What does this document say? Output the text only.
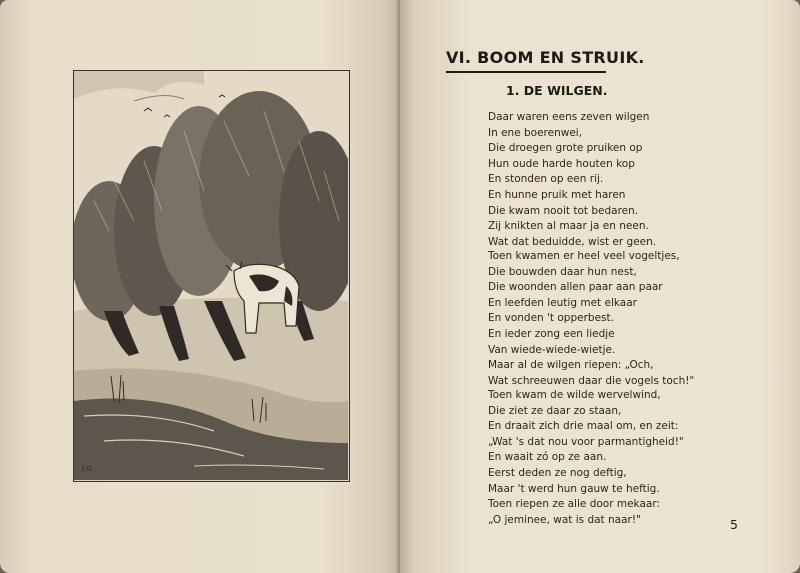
J.G.
VI. BOOM EN STRUIK.
1. DE WILGEN.
Daar waren eens zeven wilgen
In ene boerenwei,
Die droegen grote pruiken op
Hun oude harde houten kop
En stonden op een rij.
En hunne pruik met haren
Die kwam nooit tot bedaren.
Zij knikten al maar ja en neen.
Wat dat beduidde, wist er geen.
Toen kwamen er heel veel vogeltjes,
Die bouwden daar hun nest,
Die woonden allen paar aan paar
En leefden leutig met elkaar
En vonden 't opperbest.
En ieder zong een liedje
Van wiede-wiede-wietje.
Maar al de wilgen riepen: „Och,
Wat schreeuwen daar die vogels toch!"
Toen kwam de wilde wervelwind,
Die ziet ze daar zo staan,
En draait zich drie maal om, en zeit:
„Wat 's dat nou voor parmantigheid!"
En waait zó op ze aan.
Eerst deden ze nog deftig,
Maar 't werd hun gauw te heftig.
Toen riepen ze alle door mekaar:
„O jeminee, wat is dat naar!"	5
